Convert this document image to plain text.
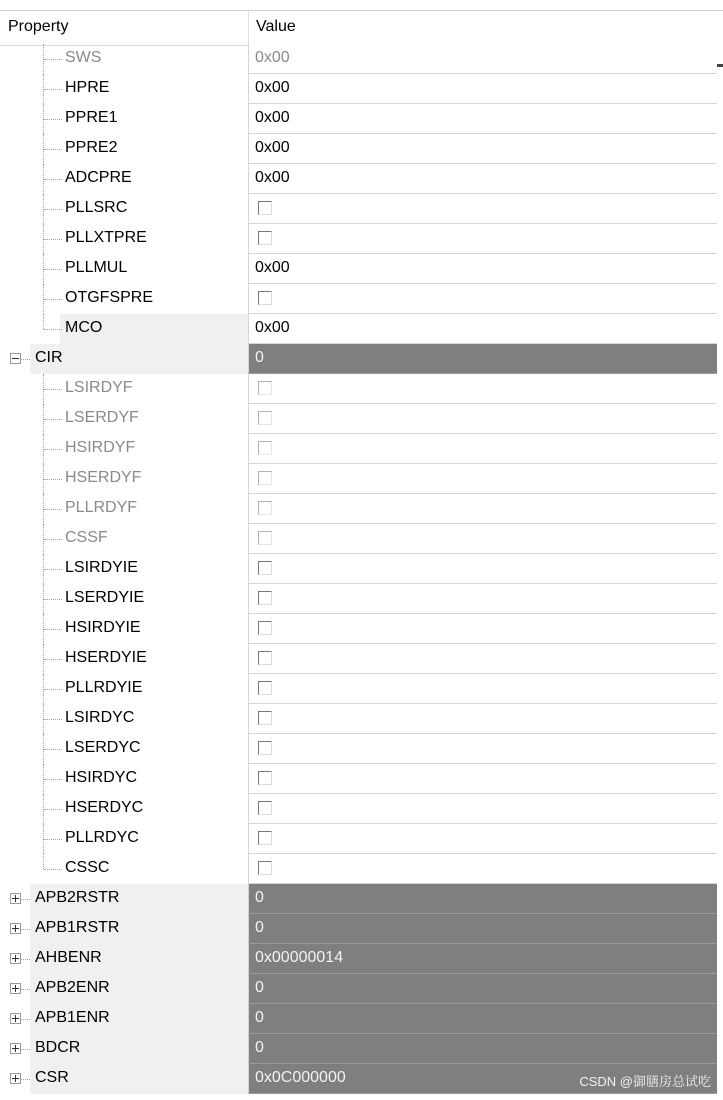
Property	Value
SWS	0x00
HPRE	0x00
PPRE1	0x00
PPRE2	0x00
ADCPRE	0x00
PLLSRC
PLLXTPRE
PLLMUL	0x00
OTGFSPRE
MCO	0x00
CIR	0
LSIRDYF
LSERDYF
HSIRDYF
HSERDYF
PLLRDYF
CSSF
LSIRDYIE
LSERDYIE
HSIRDYIE
HSERDYIE
PLLRDYIE
LSIRDYC
LSERDYC
HSIRDYC
HSERDYC
PLLRDYC
CSSC
APB2RSTR	0
APB1RSTR	0
AHBENR	0x00000014
APB2ENR	0
APB1ENR	0
BDCR	0
CSR	0x0C000000	CSDN @御膳房总试吃
